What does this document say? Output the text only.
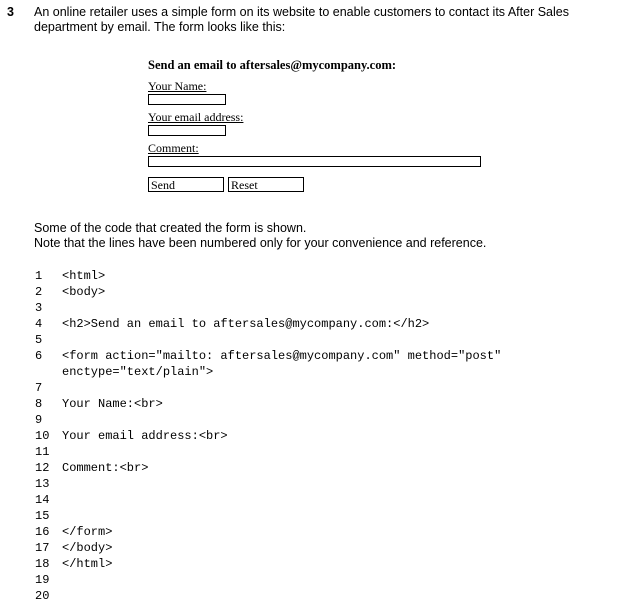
3 An online retailer uses a simple form on its website to enable customers to contact its After Sales department by email. The form looks like this:
Send an email to aftersales@mycompany.com:
Your Name:
Your email address:
Comment:
Send	Reset
Some of the code that created the form is shown.
Note that the lines have been numbered only for your convenience and reference.
1	<html>
2	<body>
3
4	<h2>Send an email to aftersales@mycompany.com:</h2>
5
6	<form action="mailto: aftersales@mycompany.com" method="post"
enctype="text/plain">
7
8	Your Name:<br>
9
10	Your email address:<br>
11
12	Comment:<br>
13
14
15
16	</form>
17	</body>
18	</html>
19
20
